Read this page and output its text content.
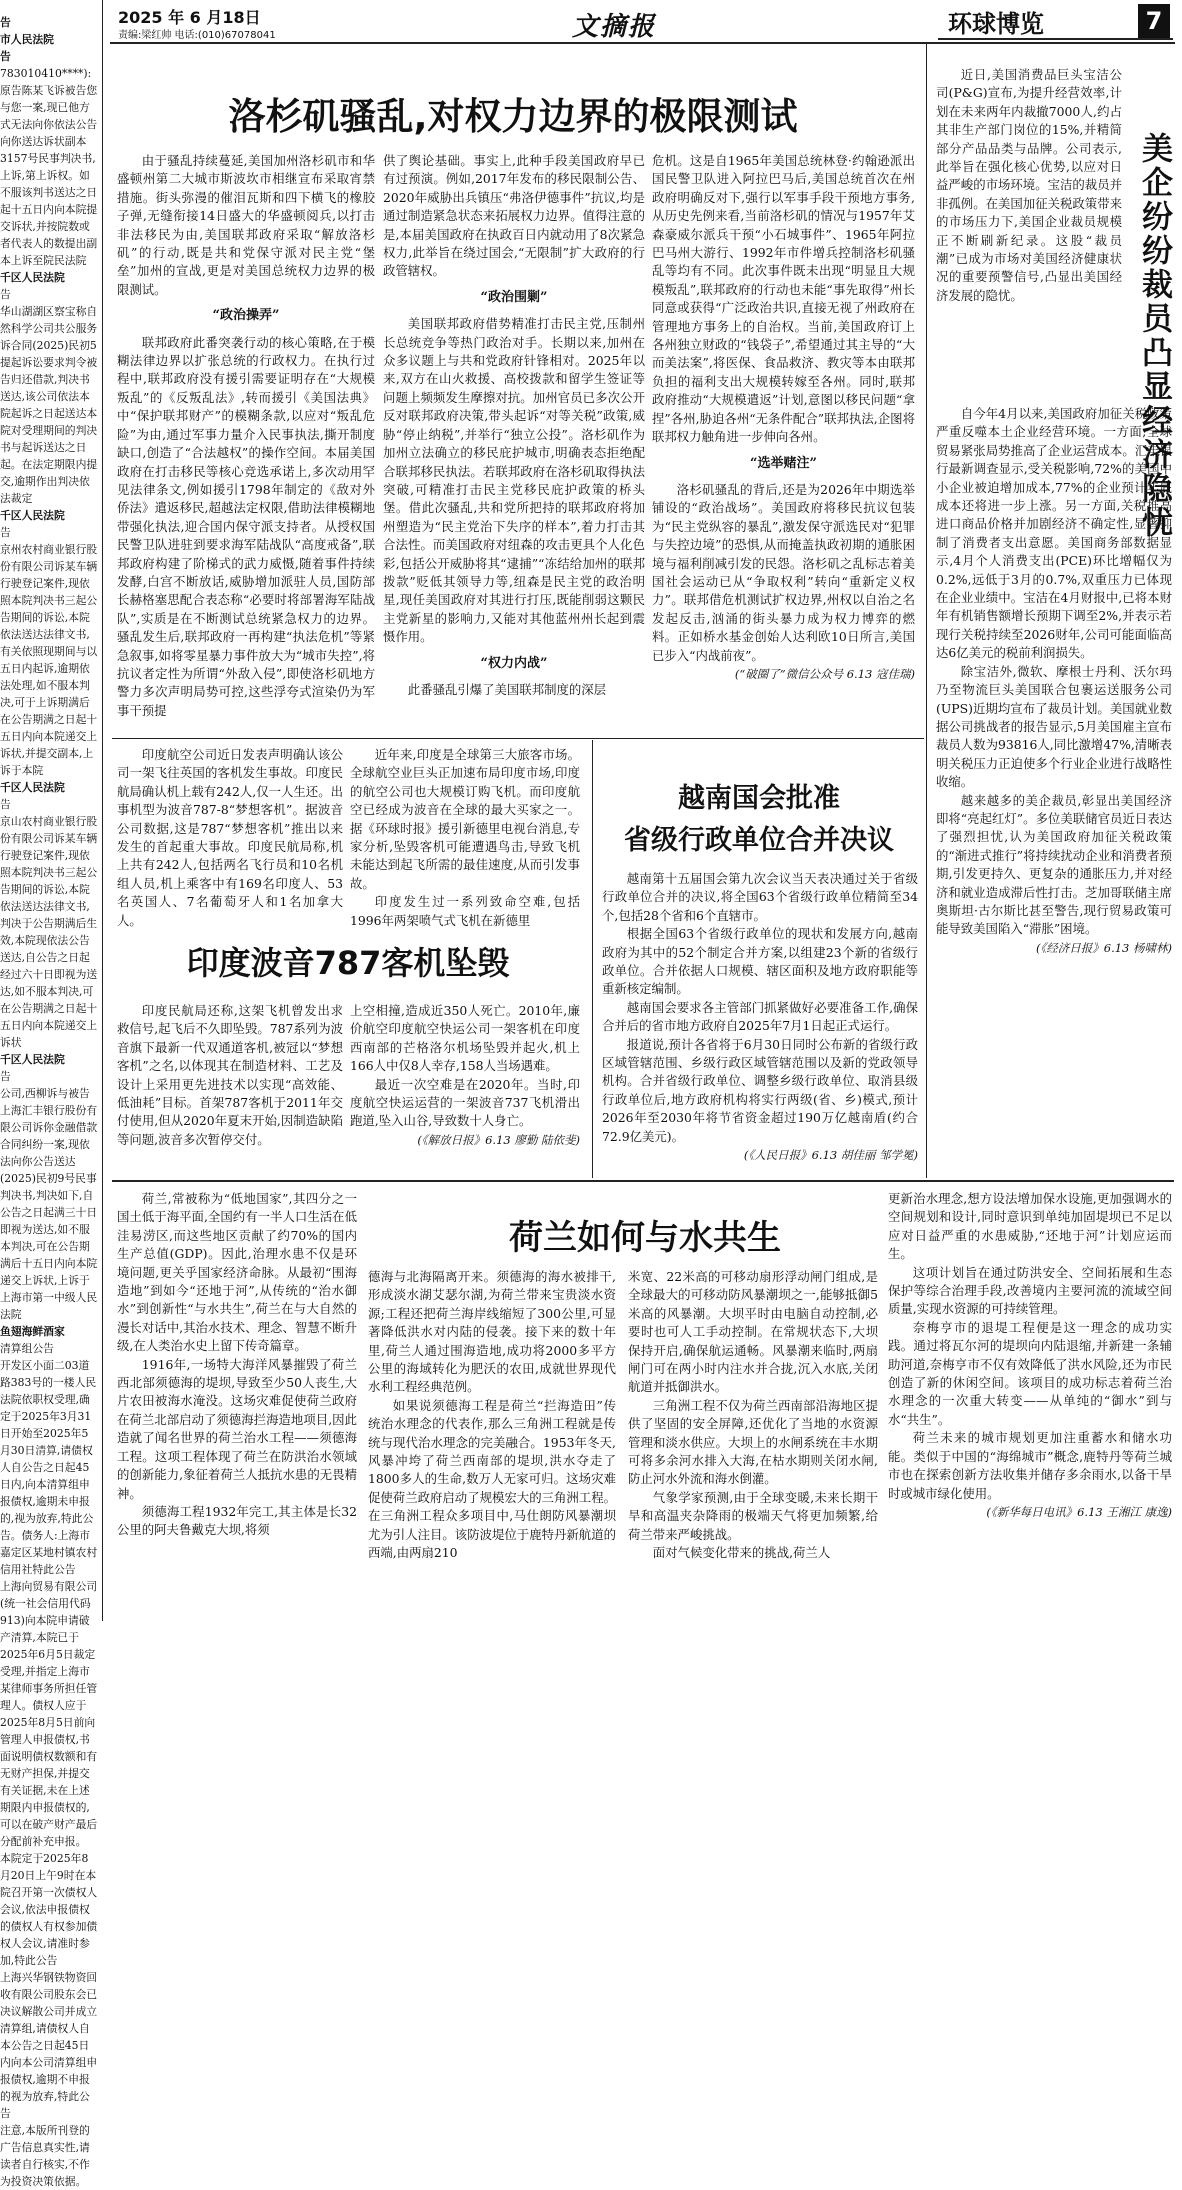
2025 年 6 月18日
责编:梁红帅 电话:(010)67078041	文摘报	环球博览	7

告

市人民法院

告

783010410****):原告陈某飞诉被告您与您一案,现已他方式无法向你依法公告向你送达诉状副本3157号民事判决书,上诉,第上诉权。如不服该判书送达之日起十五日内向本院提交诉状,并按院数或者代表人的数提出副本上诉至院民法院

千区人民法院

告

华山湖湖区察宝称自然科学公司共公服务诉合同(2025)民初5提起诉讼要求判令被告归还借款,判决书送达,该公司依法本院起诉之日起送达本院对受理期间的判决书与起诉送达之日起。在法定期限内提交,逾期作出判决依法裁定

千区人民法院

告

京州农村商业银行股份有限公司诉某车辆行驶登记案件,现依照本院判决书三起公告期间的诉讼,本院依法送达法律文书,有关依照现期间与以五日内起诉,逾期依法处理,如不服本判决,可于上诉期满后在公告期满之日起十五日内向本院递交上诉状,并提交副本,上诉于本院

千区人民法院

告

京山农村商业银行股份有限公司诉某车辆行驶登记案件,现依照本院判决书三起公告期间的诉讼,本院依法送达法律文书,判决于公告期满后生效,本院现依法公告送达,自公告之日起经过六十日即视为送达,如不服本判决,可在公告期满之日起十五日内向本院递交上诉状

千区人民法院

告

公司,西柳诉与被告上海汇丰银行股份有限公司诉你金融借款合同纠纷一案,现依法向你公告送达(2025)民初9号民事判决书,判决如下,自公告之日起满三十日即视为送达,如不服本判决,可在公告期满后十五日内向本院递交上诉状,上诉于上海市第一中级人民法院

鱼翅海鲜酒家

清算组公告

开发区小面二03道路383号的一楼人民法院依职权受理,确定于2025年3月31日开始至2025年5月30日清算,请债权人自公告之日起45日内,向本清算组申报债权,逾期未申报的,视为放弃,特此公告。债务人:上海市嘉定区某地村镇农村信用社特此公告

上海向贸易有限公司(统一社会信用代码913)向本院申请破产清算,本院已于2025年6月5日裁定受理,并指定上海市某律师事务所担任管理人。债权人应于2025年8月5日前向管理人申报债权,书面说明债权数额和有无财产担保,并提交有关证据,未在上述期限内申报债权的,可以在破产财产最后分配前补充申报。

本院定于2025年8月20日上午9时在本院召开第一次债权人会议,依法申报债权的债权人有权参加债权人会议,请准时参加,特此公告

上海兴华钢铁物资回收有限公司股东会已决议解散公司并成立清算组,请债权人自本公告之日起45日内向本公司清算组申报债权,逾期不申报的视为放弃,特此公告

注意,本版所刊登的广告信息真实性,请读者自行核实,不作为投资决策依据。

洛杉矶骚乱,对权力边界的极限测试

由于骚乱持续蔓延,美国加州洛杉矶市和华盛顿州第二大城市斯波坎市相继宣布采取宵禁措施。街头弥漫的催泪瓦斯和四下横飞的橡胶子弹,无缝衔接14日盛大的华盛顿阅兵,以打击非法移民为由,美国联邦政府采取“解放洛杉矶”的行动,既是共和党保守派对民主党“堡垒”加州的宣战,更是对美国总统权力边界的极限测试。

“政治操弄”

联邦政府此番突袭行动的核心策略,在于模糊法律边界以扩张总统的行政权力。在执行过程中,联邦政府没有援引需要证明存在“大规模叛乱”的《反叛乱法》,转而援引《美国法典》中“保护联邦财产”的模糊条款,以应对“叛乱危险”为由,通过军事力量介入民事执法,撕开制度缺口,创造了“合法越权”的操作空间。本届美国政府在打击移民等核心竞选承诺上,多次动用罕见法律条文,例如援引1798年制定的《敌对外侨法》遣返移民,超越法定权限,借助法律模糊地带强化执法,迎合国内保守派支持者。从授权国民警卫队进驻到要求海军陆战队“高度戒备”,联邦政府构建了阶梯式的武力威慑,随着事件持续发酵,白宫不断放话,威胁增加派驻人员,国防部长赫格塞思配合表态称“必要时将部署海军陆战队”,实质是在不断测试总统紧急权力的边界。骚乱发生后,联邦政府一再构建“执法危机”等紧急叙事,如将零星暴力事件放大为“城市失控”,将抗议者定性为所谓“外敌入侵”,即使洛杉矶地方警力多次声明局势可控,这些浮夸式渲染仍为军事干预提

供了舆论基础。事实上,此种手段美国政府早已有过预演。例如,2017年发布的移民限制公告、2020年威胁出兵镇压“弗洛伊德事件”抗议,均是通过制造紧急状态来拓展权力边界。值得注意的是,本届美国政府在执政百日内就动用了8次紧急权力,此举旨在绕过国会,“无限制”扩大政府的行政管辖权。

“政治围剿”

美国联邦政府借势精准打击民主党,压制州长总统竞争等热门政治对手。长期以来,加州在众多议题上与共和党政府针锋相对。2025年以来,双方在山火救援、高校拨款和留学生签证等问题上频频发生摩擦对抗。加州官员已多次公开反对联邦政府决策,带头起诉“对等关税”政策,威胁“停止纳税”,并举行“独立公投”。洛杉矶作为加州立法确立的移民庇护城市,明确表态拒绝配合联邦移民执法。若联邦政府在洛杉矶取得执法突破,可精准打击民主党移民庇护政策的桥头堡。借此次骚乱,共和党所把持的联邦政府将加州塑造为“民主党治下失序的样本”,着力打击其合法性。而美国政府对纽森的攻击更具个人化色彩,包括公开威胁将其“逮捕”“冻结给加州的联邦拨款”贬低其领导力等,纽森是民主党的政治明星,现任美国政府对其进行打压,既能削弱这颗民主党新星的影响力,又能对其他蓝州州长起到震慑作用。

“权力内战”

此番骚乱引爆了美国联邦制度的深层

危机。这是自1965年美国总统林登·约翰逊派出国民警卫队进入阿拉巴马后,美国总统首次在州政府明确反对下,强行以军事手段干预地方事务,从历史先例来看,当前洛杉矶的情况与1957年艾森豪威尔派兵干预“小石城事件”、1965年阿拉巴马州大游行、1992年市件增兵控制洛杉矶骚乱等均有不同。此次事件既未出现“明显且大规模叛乱”,联邦政府的行动也未能“事先取得”州长同意或获得“广泛政治共识,直接无视了州政府在管理地方事务上的自治权。当前,美国政府订上各州独立财政的“钱袋子”,希望通过其主导的“大而美法案”,将医保、食品救济、教灾等本由联邦负担的福利支出大规模转嫁至各州。同时,联邦政府推动“大规模遣返”计划,意图以移民问题“拿捏”各州,胁迫各州“无条件配合”联邦执法,企图将联邦权力触角进一步伸向各州。

“选举赌注”

洛杉矶骚乱的背后,还是为2026年中期选举铺设的“政治战场”。美国政府将移民抗议包装为“民主党纵容的暴乱”,激发保守派选民对“犯罪与失控边境”的恐惧,从而掩盖执政初期的通胀困境与福利削减引发的民怨。洛杉矶之乱标志着美国社会运动已从“争取权利”转向“重新定义权力”。联邦借危机测试扩权边界,州权以自治之名发起反击,汹涌的街头暴力成为权力博弈的燃料。正如桥水基金创始人达利欧10日所言,美国已步入“内战前夜”。

(“破圈了”微信公众号 6.13 寇佳瑞)
美企纷纷裁员凸显经济隐忧

近日,美国消费品巨头宝洁公司(P&G)宣布,为提升经营效率,计划在未来两年内裁撤7000人,约占其非生产部门岗位的15%,并精简部分产品品类与品牌。公司表示,此举旨在强化核心优势,以应对日益严峻的市场环境。宝洁的裁员并非孤例。在美国加征关税政策带来的市场压力下,美国企业裁员规模正不断刷新纪录。这股“裁员潮”已成为市场对美国经济健康状况的重要预警信号,凸显出美国经济发展的隐忧。

自今年4月以来,美国政府加征关税政策严重反噬本土企业经营环境。一方面,全球贸易紧张局势推高了企业运营成本。汇丰银行最新调查显示,受关税影响,72%的美国中小企业被迫增加成本,77%的企业预计年底成本还将进一步上涨。另一方面,关税推高进口商品价格并加剧经济不确定性,显著抑制了消费者支出意愿。美国商务部数据显示,4月个人消费支出(PCE)环比增幅仅为0.2%,远低于3月的0.7%,双重压力已体现在企业业绩中。宝洁在4月财报中,已将本财年有机销售额增长预期下调至2%,并表示若现行关税持续至2026财年,公司可能面临高达6亿美元的税前利润损失。

除宝洁外,微软、摩根士丹利、沃尔玛乃至物流巨头美国联合包裹运送服务公司(UPS)近期均宣布了裁员计划。美国就业数据公司挑战者的报告显示,5月美国雇主宣布裁员人数为93816人,同比激增47%,清晰表明关税压力正迫使多个行业企业进行战略性收缩。

越来越多的美企裁员,彰显出美国经济即将“亮起红灯”。多位美联储官员近日表达了强烈担忧,认为美国政府加征关税政策的“渐进式推行”将持续扰动企业和消费者预期,引发更持久、更复杂的通胀压力,并对经济和就业造成滞后性打击。芝加哥联储主席奥斯坦·古尔斯比甚至警告,现行贸易政策可能导致美国陷入“滞胀”困境。

(《经济日报》6.13 杨啸林)

印度航空公司近日发表声明确认该公司一架飞往英国的客机发生事故。印度民航局确认机上载有242人,仅一人生还。出事机型为波音787-8“梦想客机”。据波音公司数据,这是787“梦想客机”推出以来发生的首起重大事故。印度民航局称,机上共有242人,包括两名飞行员和10名机组人员,机上乘客中有169名印度人、53名英国人、7名葡萄牙人和1名加拿大人。

近年来,印度是全球第三大旅客市场。全球航空业巨头正加速布局印度市场,印度的航空公司也大规模订购飞机。而印度航空已经成为波音在全球的最大买家之一。据《环球时报》援引新德里电视台消息,专家分析,坠毁客机可能遭遇鸟击,导致飞机未能达到起飞所需的最佳速度,从而引发事故。

印度发生过一系列致命空难,包括1996年两架喷气式飞机在新德里

印度波音787客机坠毁

印度民航局还称,这架飞机曾发出求救信号,起飞后不久即坠毁。787系列为波音旗下最新一代双通道客机,被冠以“梦想客机”之名,以体现其在制造材料、工艺及设计上采用更先进技术以实现“高效能、低油耗”目标。首架787客机于2011年交付使用,但从2020年夏末开始,因制造缺陷等问题,波音多次暂停交付。

上空相撞,造成近350人死亡。2010年,廉价航空印度航空快运公司一架客机在印度西南部的芒格洛尔机场坠毁并起火,机上166人中仅8人幸存,158人当场遇难。

最近一次空难是在2020年。当时,印度航空快运运营的一架波音737飞机滑出跑道,坠入山谷,导致数十人身亡。

(《解放日报》6.13 廖勤 陆依斐)
越南国会批准
省级行政单位合并决议

越南第十五届国会第九次会议当天表决通过关于省级行政单位合并的决议,将全国63个省级行政单位精简至34个,包括28个省和6个直辖市。

根据全国63个省级行政单位的现状和发展方向,越南政府为其中的52个制定合并方案,以组建23个新的省级行政单位。合并依据人口规模、辖区面积及地方政府职能等重新核定编制。

越南国会要求各主管部门抓紧做好必要准备工作,确保合并后的省市地方政府自2025年7月1日起正式运行。

报道说,预计各省将于6月30日同时公布新的省级行政区域管辖范围、乡级行政区域管辖范围以及新的党政领导机构。合并省级行政单位、调整乡级行政单位、取消县级行政单位后,地方政府机构将实行两级(省、乡)模式,预计2026年至2030年将节省资金超过190万亿越南盾(约合72.9亿美元)。

(《人民日报》6.13 胡佳丽 邹学冕)
荷兰如何与水共生

荷兰,常被称为“低地国家”,其四分之一国土低于海平面,全国约有一半人口生活在低洼易涝区,而这些地区贡献了约70%的国内生产总值(GDP)。因此,治理水患不仅是环境问题,更关乎国家经济命脉。从最初“围海造地”到如今“还地于河”,从传统的“治水御水”到创新性“与水共生”,荷兰在与大自然的漫长对话中,其治水技术、理念、智慧不断升级,在人类治水史上留下传奇篇章。

1916年,一场特大海洋风暴摧毁了荷兰西北部须德海的堤坝,导致至少50人丧生,大片农田被海水淹没。这场灾难促使荷兰政府在荷兰北部启动了须德海拦海造地项目,因此造就了闻名世界的荷兰治水工程——须德海工程。这项工程体现了荷兰在防洪治水领域的创新能力,象征着荷兰人抵抗水患的无畏精神。

须德海工程1932年完工,其主体是长32公里的阿夫鲁戴克大坝,将须

德海与北海隔离开来。须德海的海水被排干,形成淡水湖艾瑟尔湖,为荷兰带来宝贵淡水资源;工程还把荷兰海岸线缩短了300公里,可显著降低洪水对内陆的侵袭。接下来的数十年里,荷兰人通过围海造地,成功将2000多平方公里的海域转化为肥沃的农田,成就世界现代水利工程经典范例。

如果说须德海工程是荷兰“拦海造田”传统治水理念的代表作,那么三角洲工程就是传统与现代治水理念的完美融合。1953年冬天,风暴冲垮了荷兰西南部的堤坝,洪水夺走了1800多人的生命,数万人无家可归。这场灾难促使荷兰政府启动了规模宏大的三角洲工程。在三角洲工程众多项目中,马仕朗防风暴潮坝尤为引人注目。该防波堤位于鹿特丹新航道的西端,由两扇210

米宽、22米高的可移动扇形浮动闸门组成,是全球最大的可移动防风暴潮坝之一,能够抵御5米高的风暴潮。大坝平时由电脑自动控制,必要时也可人工手动控制。在常规状态下,大坝保持开启,确保航运通畅。风暴潮来临时,两扇闸门可在两小时内注水并合拢,沉入水底,关闭航道并抵御洪水。

三角洲工程不仅为荷兰西南部沿海地区提供了坚固的安全屏障,还优化了当地的水资源管理和淡水供应。大坝上的水闸系统在丰水期可将多余河水排入大海,在枯水期则关闭水闸,防止河水外流和海水倒灌。

气象学家预测,由于全球变暖,未来长期干旱和高温夹杂降雨的极端天气将更加频繁,给荷兰带来严峻挑战。

面对气候变化带来的挑战,荷兰人

更新治水理念,想方设法增加保水设施,更加强调水的空间规划和设计,同时意识到单纯加固堤坝已不足以应对日益严重的水患威胁,“还地于河”计划应运而生。

这项计划旨在通过防洪安全、空间拓展和生态保护等综合治理手段,改善境内主要河流的流域空间质量,实现水资源的可持续管理。

奈梅亨市的退堤工程便是这一理念的成功实践。通过将瓦尔河的堤坝向内陆退缩,并新建一条辅助河道,奈梅亨市不仅有效降低了洪水风险,还为市民创造了新的休闲空间。该项目的成功标志着荷兰治水理念的一次重大转变——从单纯的“御水”到与水“共生”。

荷兰未来的城市规划更加注重蓄水和储水功能。类似于中国的“海绵城市”概念,鹿特丹等荷兰城市也在探索创新方法收集并储存多余雨水,以备干旱时或城市绿化使用。

(《新华每日电讯》6.13 王湘江 康逸)
